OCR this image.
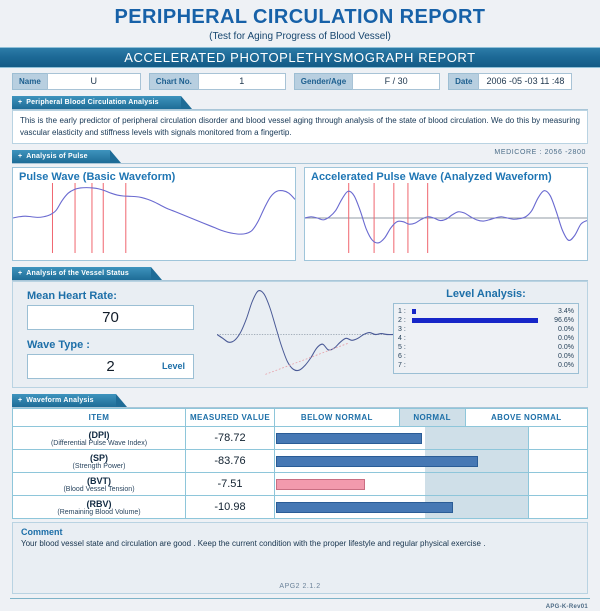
PERIPHERAL CIRCULATION REPORT
(Test for Aging Progress of Blood Vessel)
ACCELERATED PHOTOPLETHYSMOGRAPH REPORT
Name	U	Chart No.	1	Gender/Age	F / 30	Date	2006 -05 -03 11 :48
+ Peripheral Blood Circulation Analysis
This is the early predictor of peripheral circulation disorder and blood vessel aging through analysis of the state of blood circulation. We do this by measuring vascular elasticity and stiffness levels with signals monitored from a fingertip.
+ Analysis of Pulse
MEDICORE : 2056 -2800
Pulse Wave (Basic Waveform)	Accelerated Pulse Wave (Analyzed Waveform)
+ Analysis of the Vessel Status
Mean Heart Rate:
70
Wave Type :
2	Level
Level Analysis:
1 :	3.4%
2 :	96.6%
3 :	0.0%
4 :	0.0%
5 :	0.0%
6 :	0.0%
7 :	0.0%
+ Waveform Analysis
ITEM	MEASURED VALUE	BELOW NORMAL	NORMAL	ABOVE NORMAL

(DPI)
(Differential Pulse Wave Index)	-78.72			

(SP)
(Strength Power)	-83.76			

(BVT)
(Blood Vessel Tension)	-7.51			

(RBV)
(Remaining Blood Volume)	-10.98			
Comment
Your blood vessel state and circulation are good . Keep the current condition with the proper lifestyle and regular physical exercise .
APG2 2.1.2
APG-K-Rev01
